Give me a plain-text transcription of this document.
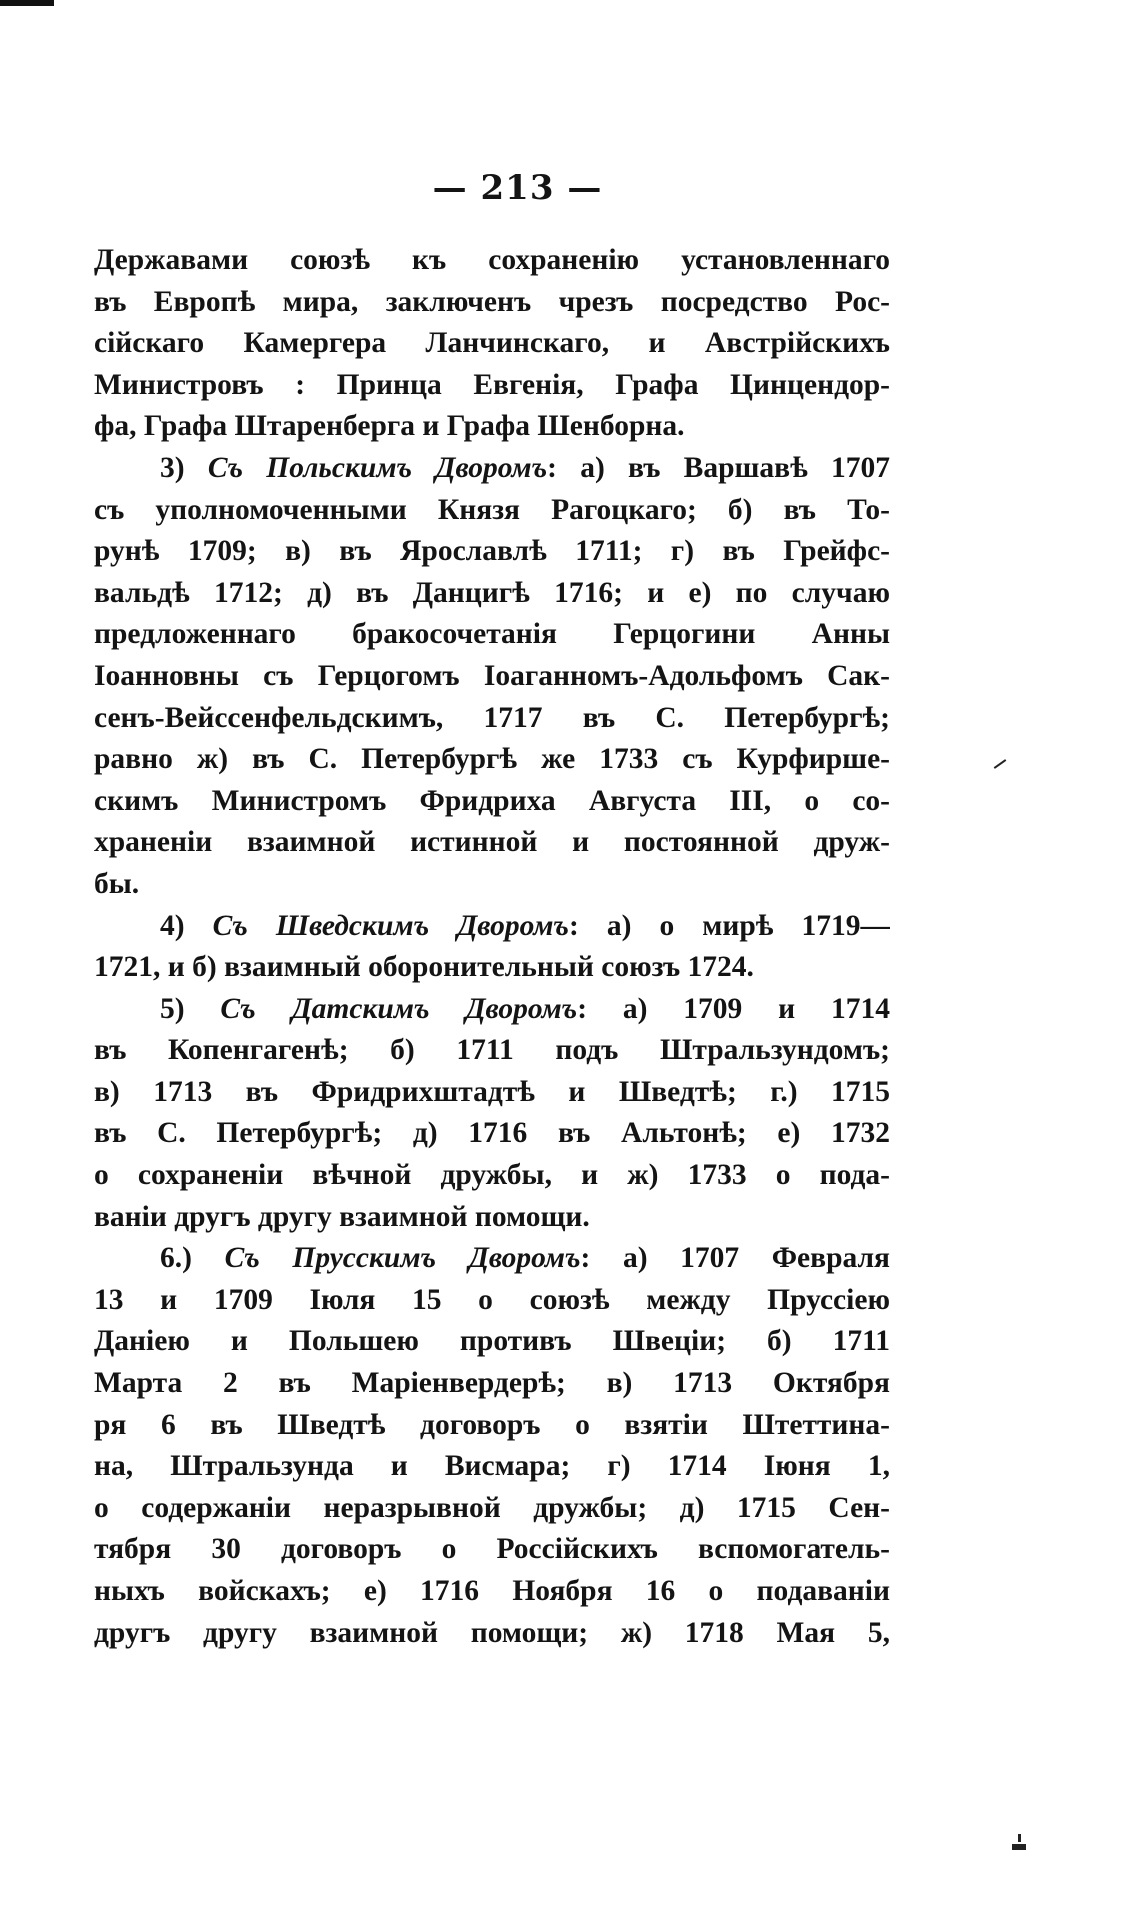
— 213 —
Державами союзѣ къ сохраненію установленнаго
въ Европѣ мира, заключенъ чрезъ посредство Рос-
сійскаго Камергера Ланчинскаго, и Австрійскихъ
Министровъ : Принца Евгенія, Графа Цинцендор-
фа, Графа Штаренберга и Графа Шенборна.
3) Съ Польскимъ Дворомъ: а) въ Варшавѣ 1707
съ уполномоченными Князя Рагоцкаго; б) въ То-
рунѣ 1709; в) въ Ярославлѣ 1711; г) въ Грейфс-
вальдѣ 1712; д) въ Данцигѣ 1716; и е) по случаю
предложеннаго бракосочетанія Герцогини Анны
Іоанновны съ Герцогомъ Іоаганномъ-Адольфомъ Сак-
сенъ-Вейссенфельдскимъ, 1717 въ С. Петербургѣ;
равно ж) въ С. Петербургѣ же 1733 съ Курфирше-
скимъ Министромъ Фридриха Августа III, о со-
храненіи взаимной истинной и постоянной друж-
бы.
4) Съ Шведскимъ Дворомъ: а) о мирѣ 1719—
1721, и б) взаимный оборонительный союзъ 1724.
5) Съ Датскимъ Дворомъ: а) 1709 и 1714
въ Копенгагенѣ; б) 1711 подъ Штральзундомъ;
в) 1713 въ Фридрихштадтѣ и Шведтѣ; г.) 1715
въ С. Петербургѣ; д) 1716 въ Альтонѣ; е) 1732
о сохраненіи вѣчной дружбы, и ж) 1733 о пода-
ваніи другъ другу взаимной помощи.
6.) Съ Прусскимъ Дворомъ: а) 1707 Февраля
13 и 1709 Іюля 15 о союзѣ между Пруссіею
Даніею и Польшею противъ Швеціи; б) 1711
Марта 2 въ Маріенвердерѣ; в) 1713 Октября
ря 6 въ Шведтѣ договоръ о взятіи Штеттина-
на, Штральзунда и Висмара; г) 1714 Іюня 1,
о содержаніи неразрывной дружбы; д) 1715 Сен-
тября 30 договоръ о Россійскихъ вспомогатель-
ныхъ войскахъ; е) 1716 Ноября 16 о подаваніи
другъ другу взаимной помощи; ж) 1718 Мая 5,
